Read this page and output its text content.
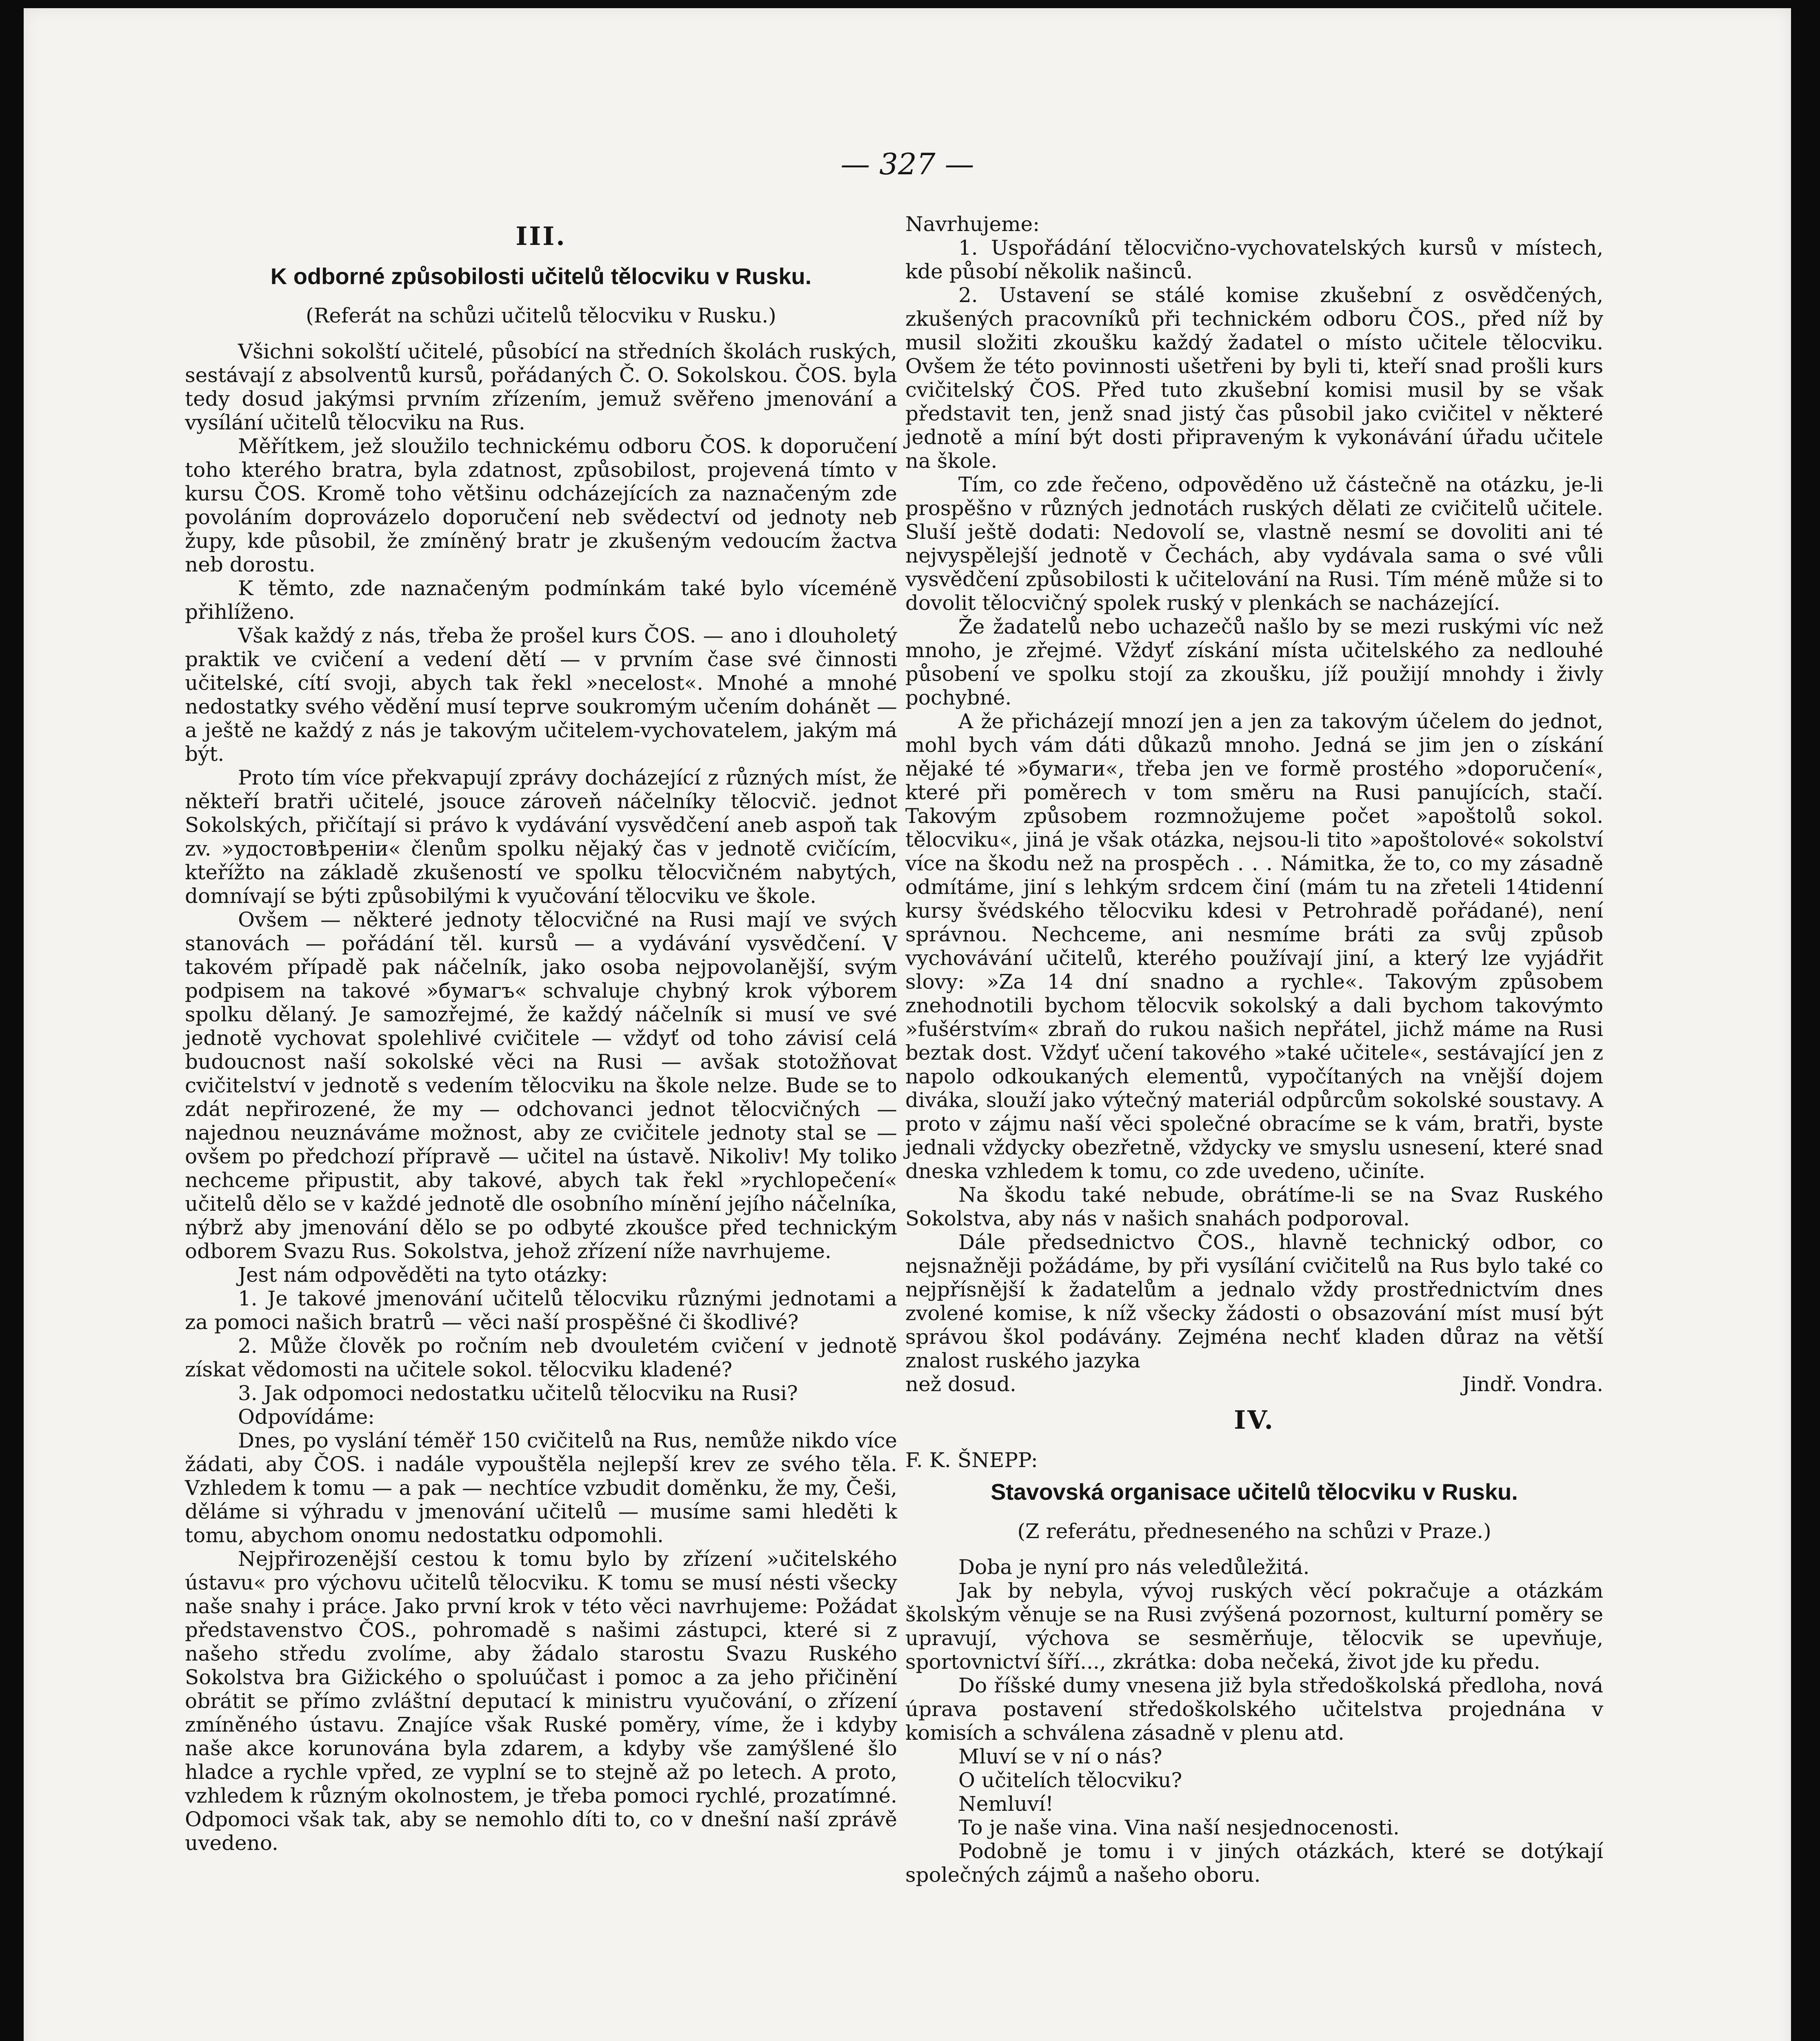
— 327 —
III.
K odborné způsobilosti učitelů tělocviku v Rusku.
(Referát na schůzi učitelů tělocviku v Rusku.)

Všichni sokolští učitelé, působící na středních školách ruských, sestávají z absolventů kursů, pořádaných Č. O. Sokolskou. ČOS. byla tedy dosud jakýmsi prvním zřízením, jemuž svěřeno jmenování a vysílání učitelů tělocviku na Rus.

Měřítkem, jež sloužilo technickému odboru ČOS. k doporučení toho kterého bratra, byla zdatnost, způsobilost, projevená tímto v kursu ČOS. Kromě toho většinu odcházejících za naznačeným zde povoláním doprovázelo doporučení neb svědectví od jednoty neb župy, kde působil, že zmíněný bratr je zkušeným vedoucím žactva neb dorostu.

K těmto, zde naznačeným podmínkám také bylo víceméně přihlíženo.

Však každý z nás, třeba že prošel kurs ČOS. — ano i dlouholetý praktik ve cvičení a vedení dětí — v prvním čase své činnosti učitelské, cítí svoji, abych tak řekl »necelost«. Mnohé a mnohé nedostatky svého vědění musí teprve soukromým učením dohánět — a ještě ne každý z nás je takovým učitelem-vychovatelem, jakým má být.

Proto tím více překvapují zprávy docházející z různých míst, že někteří bratři učitelé, jsouce zároveň náčelníky tělocvič. jednot Sokolských, přičítají si právo k vydávání vysvědčení aneb aspoň tak zv. »удостовѣренiи« členům spolku nějaký čas v jednotě cvičícím, kteřížto na základě zkušeností ve spolku tělocvičném nabytých, domnívají se býti způsobilými k vyučování tělocviku ve škole.

Ovšem — některé jednoty tělocvičné na Rusi mají ve svých stanovách — pořádání těl. kursů — a vydávání vysvědčení. V takovém případě pak náčelník, jako osoba nejpovolanější, svým podpisem na takové »бумагъ« schvaluje chybný krok výborem spolku dělaný. Je samozřejmé, že každý náčelník si musí ve své jednotě vychovat spolehlivé cvičitele — vždyť od toho závisí celá budoucnost naší sokolské věci na Rusi — avšak stotožňovat cvičitelství v jednotě s vedením tělocviku na škole nelze. Bude se to zdát nepřirozené, že my — odchovanci jednot tělocvičných — najednou neuznáváme možnost, aby ze cvičitele jednoty stal se — ovšem po předchozí přípravě — učitel na ústavě. Nikoliv! My toliko nechceme připustit, aby takové, abych tak řekl »rychlopečení« učitelů dělo se v každé jednotě dle osobního mínění jejího náčelníka, nýbrž aby jmenování dělo se po odbyté zkoušce před technickým odborem Svazu Rus. Sokolstva, jehož zřízení níže navrhujeme.

Jest nám odpověděti na tyto otázky:

1. Je takové jmenování učitelů tělocviku různými jednotami a za pomoci našich bratrů — věci naší prospěšné či škodlivé?

2. Může člověk po ročním neb dvouletém cvičení v jednotě získat vědomosti na učitele sokol. tělocviku kladené?

3. Jak odpomoci nedostatku učitelů tělocviku na Rusi?

Odpovídáme:

Dnes, po vyslání téměř 150 cvičitelů na Rus, nemůže nikdo více žádati, aby ČOS. i nadále vypouštěla nejlepší krev ze svého těla. Vzhledem k tomu — a pak — nechtíce vzbudit doměnku, že my, Češi, děláme si výhradu v jmenování učitelů — musíme sami hleděti k tomu, abychom onomu nedostatku odpomohli.

Nejpřirozenější cestou k tomu bylo by zřízení »učitelského ústavu« pro výchovu učitelů tělocviku. K tomu se musí nésti všecky naše snahy i práce. Jako první krok v této věci navrhujeme: Požádat představenstvo ČOS., pohromadě s našimi zástupci, které si z našeho středu zvolíme, aby žádalo starostu Svazu Ruského Sokolstva bra Gižického o spoluúčast i pomoc a za jeho přičinění obrátit se přímo zvláštní deputací k ministru vyučování, o zřízení zmíněného ústavu. Znajíce však Ruské poměry, víme, že i kdyby naše akce korunována byla zdarem, a kdyby vše zamýšlené šlo hladce a rychle vpřed, ze vyplní se to stejně až po letech. A proto, vzhledem k různým okolnostem, je třeba pomoci rychlé, prozatímné. Odpomoci však tak, aby se nemohlo díti to, co v dnešní naší zprávě uvedeno.

Navrhujeme:

1. Uspořádání tělocvično-vychovatelských kursů v místech, kde působí několik našinců.

2. Ustavení se stálé komise zkušební z osvědčených, zkušených pracovníků při technickém odboru ČOS., před níž by musil složiti zkoušku každý žadatel o místo učitele tělocviku. Ovšem že této povinnosti ušetřeni by byli ti, kteří snad prošli kurs cvičitelský ČOS. Před tuto zkušební komisi musil by se však představit ten, jenž snad jistý čas působil jako cvičitel v některé jednotě a míní být dosti připraveným k vykonávání úřadu učitele na škole.

Tím, co zde řečeno, odpověděno už částečně na otázku, je-li prospěšno v různých jednotách ruských dělati ze cvičitelů učitele. Sluší ještě dodati: Nedovolí se, vlastně nesmí se dovoliti ani té nejvyspělejší jednotě v Čechách, aby vydávala sama o své vůli vysvědčení způsobilosti k učitelování na Rusi. Tím méně může si to dovolit tělocvičný spolek ruský v plenkách se nacházející.

Že žadatelů nebo uchazečů našlo by se mezi ruskými víc než mnoho, je zřejmé. Vždyť získání místa učitelského za nedlouhé působení ve spolku stojí za zkoušku, jíž použijí mnohdy i živly pochybné.

A že přicházejí mnozí jen a jen za takovým účelem do jednot, mohl bych vám dáti důkazů mnoho. Jedná se jim jen o získání nějaké té »бумаги«, třeba jen ve formě prostého »doporučení«, které při poměrech v tom směru na Rusi panujících, stačí. Takovým způsobem rozmnožujeme počet »apoštolů sokol. tělocviku«, jiná je však otázka, nejsou-li tito »apoštolové« sokolství více na škodu než na prospěch . . . Námitka, že to, co my zásadně odmítáme, jiní s lehkým srdcem činí (mám tu na zřeteli 14tidenní kursy švédského tělocviku kdesi v Petrohradě pořádané), není správnou. Nechceme, ani nesmíme bráti za svůj způsob vychovávání učitelů, kterého používají jiní, a který lze vyjádřit slovy: »Za 14 dní snadno a rychle«. Takovým způsobem znehodnotili bychom tělocvik sokolský a dali bychom takovýmto »fušérstvím« zbraň do rukou našich nepřátel, jichž máme na Rusi beztak dost. Vždyť učení takového »také učitele«, sestávající jen z napolo odkoukaných elementů, vypočítaných na vnější dojem diváka, slouží jako výtečný materiál odpůrcům sokolské soustavy. A proto v zájmu naší věci společné obracíme se k vám, bratři, byste jednali vždycky obezřetně, vždycky ve smyslu usnesení, které snad dneska vzhledem k tomu, co zde uvedeno, učiníte.

Na škodu také nebude, obrátíme-li se na Svaz Ruského Sokolstva, aby nás v našich snahách podporoval.

Dále předsednictvo ČOS., hlavně technický odbor, co nejsnažněji požádáme, by při vysílání cvičitelů na Rus bylo také co nejpřísnější k žadatelům a jednalo vždy prostřednictvím dnes zvolené komise, k níž všecky žádosti o obsazování míst musí být správou škol podávány. Zejména nechť kladen důraz na větší znalost ruského jazyka

než dosud.	Jindř. Vondra.
IV.
F. K. ŠNEPP:
Stavovská organisace učitelů tělocviku v Rusku.
(Z referátu, předneseného na schůzi v Praze.)

Doba je nyní pro nás veledůležitá.

Jak by nebyla, vývoj ruských věcí pokračuje a otázkám školským věnuje se na Rusi zvýšená pozornost, kulturní poměry se upravují, výchova se sesměrňuje, tělocvik se upevňuje, sportovnictví šíří..., zkrátka: doba nečeká, život jde ku předu.

Do říšské dumy vnesena již byla středoškolská předloha, nová úprava postavení středoškolského učitelstva projednána v komisích a schválena zásadně v plenu atd.

Mluví se v ní o nás?

O učitelích tělocviku?

Nemluví!

To je naše vina. Vina naší nesjednocenosti.

Podobně je tomu i v jiných otázkách, které se dotýkají společných zájmů a našeho oboru.
